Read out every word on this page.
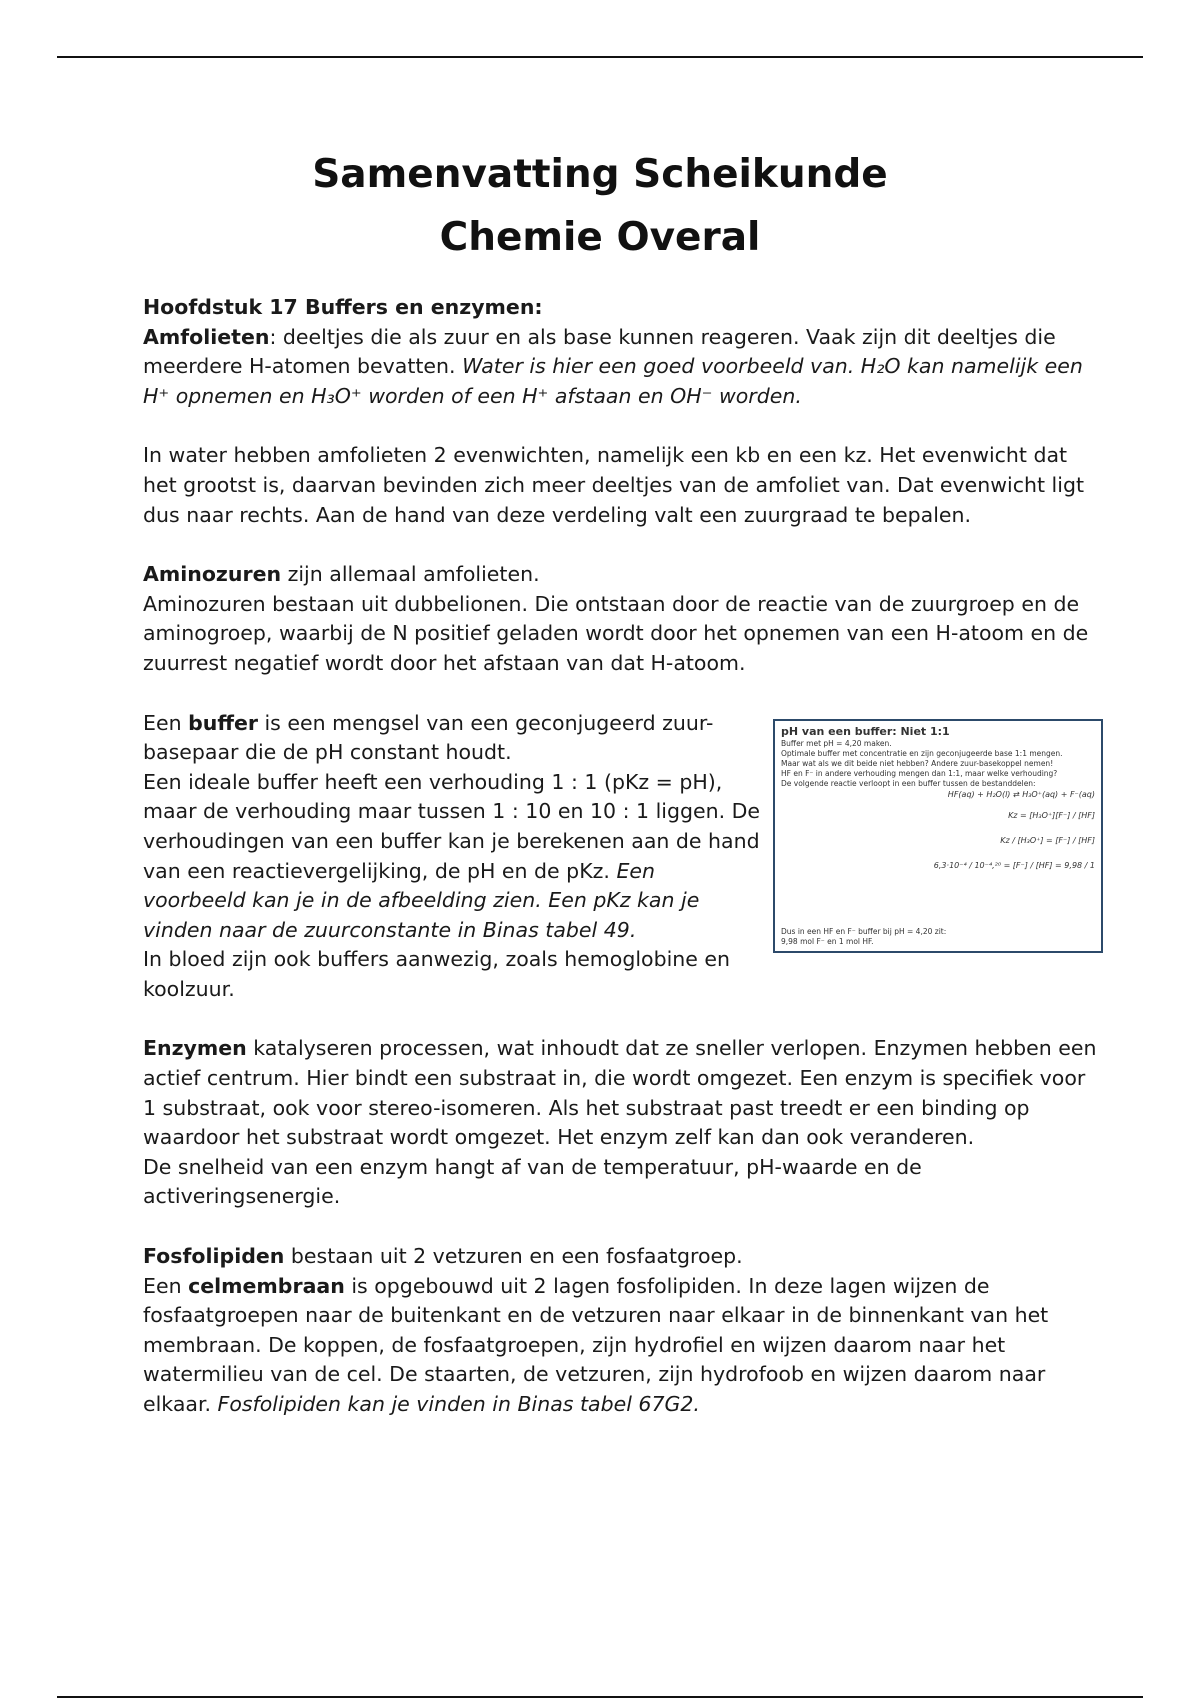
Samenvatting Scheikunde
Chemie Overal

Hoofdstuk 17 Buffers en enzymen:

Amfolieten: deeltjes die als zuur en als base kunnen reageren. Vaak zijn dit deeltjes die meerdere H-atomen bevatten. Water is hier een goed voorbeeld van. H₂O kan namelijk een H⁺ opnemen en H₃O⁺ worden of een H⁺ afstaan en OH⁻ worden.

In water hebben amfolieten 2 evenwichten, namelijk een kb en een kz. Het evenwicht dat het grootst is, daarvan bevinden zich meer deeltjes van de amfoliet van. Dat evenwicht ligt dus naar rechts. Aan de hand van deze verdeling valt een zuurgraad te bepalen.

Aminozuren zijn allemaal amfolieten.

Aminozuren bestaan uit dubbelionen. Die ontstaan door de reactie van de zuurgroep en de aminogroep, waarbij de N positief geladen wordt door het opnemen van een H-atoom en de zuurrest negatief wordt door het afstaan van dat H-atoom.

Een buffer is een mengsel van een geconjugeerd zuur-basepaar die de pH constant houdt.

Een ideale buffer heeft een verhouding 1 : 1 (pKz = pH), maar de verhouding maar tussen 1 : 10 en 10 : 1 liggen. De verhoudingen van een buffer kan je berekenen aan de hand van een reactievergelijking, de pH en de pKz. Een voorbeeld kan je in de afbeelding zien. Een pKz kan je vinden naar de zuurconstante in Binas tabel 49.

In bloed zijn ook buffers aanwezig, zoals hemoglobine en koolzuur.

pH van een buffer: Niet 1:1
Buffer met pH = 4,20 maken.
Optimale buffer met concentratie en zijn geconjugeerde base 1:1 mengen.
Maar wat als we dit beide niet hebben? Andere zuur-basekoppel nemen!
HF en F⁻ in andere verhouding mengen dan 1:1, maar welke verhouding?
De volgende reactie verloopt in een buffer tussen de bestanddelen:
HF(aq) + H₂O(l) ⇄ H₃O⁺(aq) + F⁻(aq)
Kz = [H₃O⁺][F⁻] / [HF]
Kz / [H₃O⁺] = [F⁻] / [HF]
6,3·10⁻⁴ / 10⁻⁴,²⁰ = [F⁻] / [HF] = 9,98 / 1
Dus in een HF en F⁻ buffer bij pH = 4,20 zit:
9,98 mol F⁻ en 1 mol HF.

Enzymen katalyseren processen, wat inhoudt dat ze sneller verlopen. Enzymen hebben een actief centrum. Hier bindt een substraat in, die wordt omgezet. Een enzym is specifiek voor 1 substraat, ook voor stereo-isomeren. Als het substraat past treedt er een binding op waardoor het substraat wordt omgezet. Het enzym zelf kan dan ook veranderen.

De snelheid van een enzym hangt af van de temperatuur, pH-waarde en de activeringsenergie.

Fosfolipiden bestaan uit 2 vetzuren en een fosfaatgroep.

Een celmembraan is opgebouwd uit 2 lagen fosfolipiden. In deze lagen wijzen de fosfaatgroepen naar de buitenkant en de vetzuren naar elkaar in de binnenkant van het membraan. De koppen, de fosfaatgroepen, zijn hydrofiel en wijzen daarom naar het watermilieu van de cel. De staarten, de vetzuren, zijn hydrofoob en wijzen daarom naar elkaar. Fosfolipiden kan je vinden in Binas tabel 67G2.
